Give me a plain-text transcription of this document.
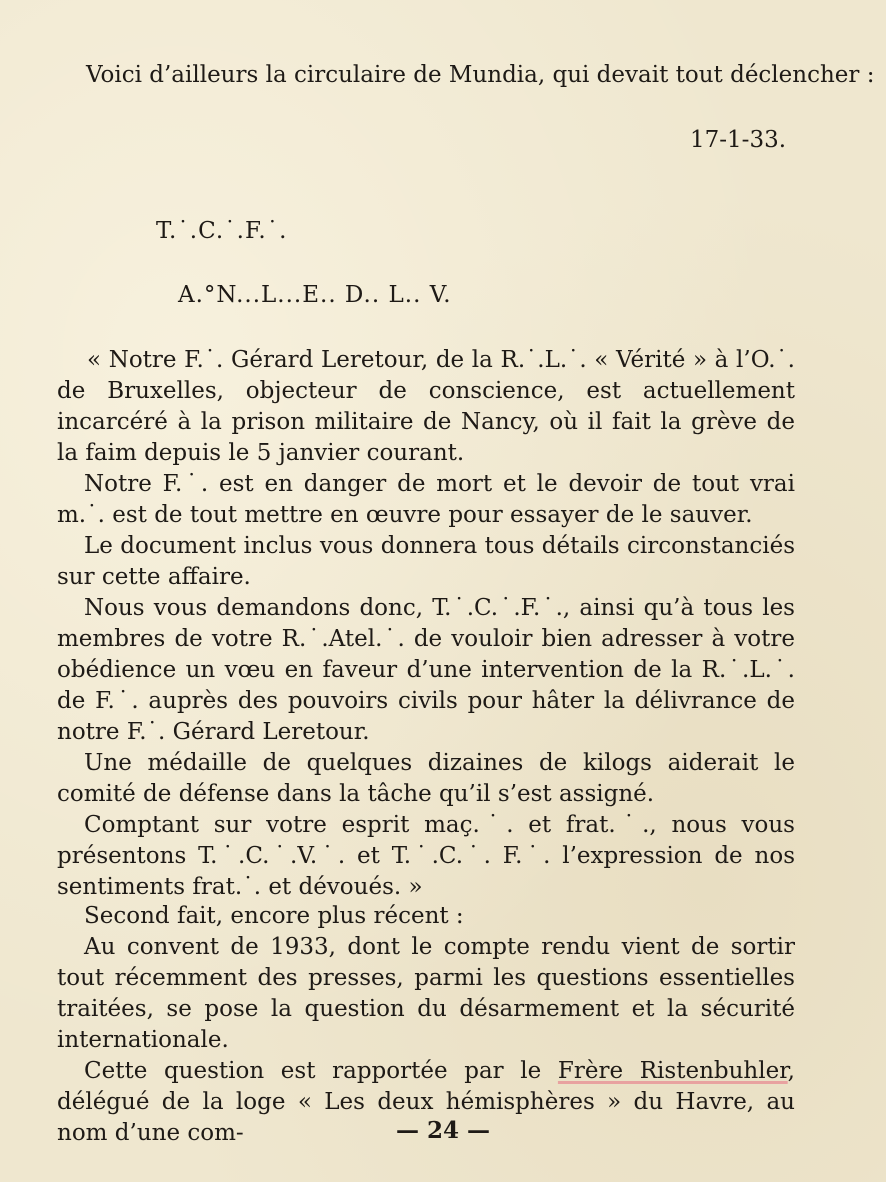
Voici d’ailleurs la circulaire de Mundia, qui devait tout déclencher :

17-1-33.

T.˙.C.˙.F.˙.

A.°N...L...E.. D.. L.. V.

« Notre F.˙. Gérard Leretour, de la R.˙.L.˙. « Vérité » à l’O.˙. de Bruxelles, objecteur de conscience, est actuellement incarcéré à la prison militaire de Nancy, où il fait la grève de la faim depuis le 5 janvier courant.

Notre F.˙. est en danger de mort et le devoir de tout vrai m.˙. est de tout mettre en œuvre pour essayer de le sauver.

Le document inclus vous donnera tous détails circonstanciés sur cette affaire.

Nous vous demandons donc, T.˙.C.˙.F.˙., ainsi qu’à tous les membres de votre R.˙.Atel.˙. de vouloir bien adresser à votre obédience un vœu en faveur d’une intervention de la R.˙.L.˙. de F.˙. auprès des pouvoirs civils pour hâter la délivrance de notre F.˙. Gérard Leretour.

Une médaille de quelques dizaines de kilogs aiderait le comité de défense dans la tâche qu’il s’est assigné.

Comptant sur votre esprit maç.˙. et frat.˙., nous vous présentons T.˙.C.˙.V.˙. et T.˙.C.˙. F.˙. l’expression de nos sentiments frat.˙. et dévoués. »

Second fait, encore plus récent :

Au convent de 1933, dont le compte rendu vient de sortir tout récemment des presses, parmi les questions essentielles traitées, se pose la question du désarmement et la sécurité internationale.

Cette question est rapportée par le Frère Ristenbuhler, délégué de la loge « Les deux hémisphères » du Havre, au nom d’une com-	— 24 —
